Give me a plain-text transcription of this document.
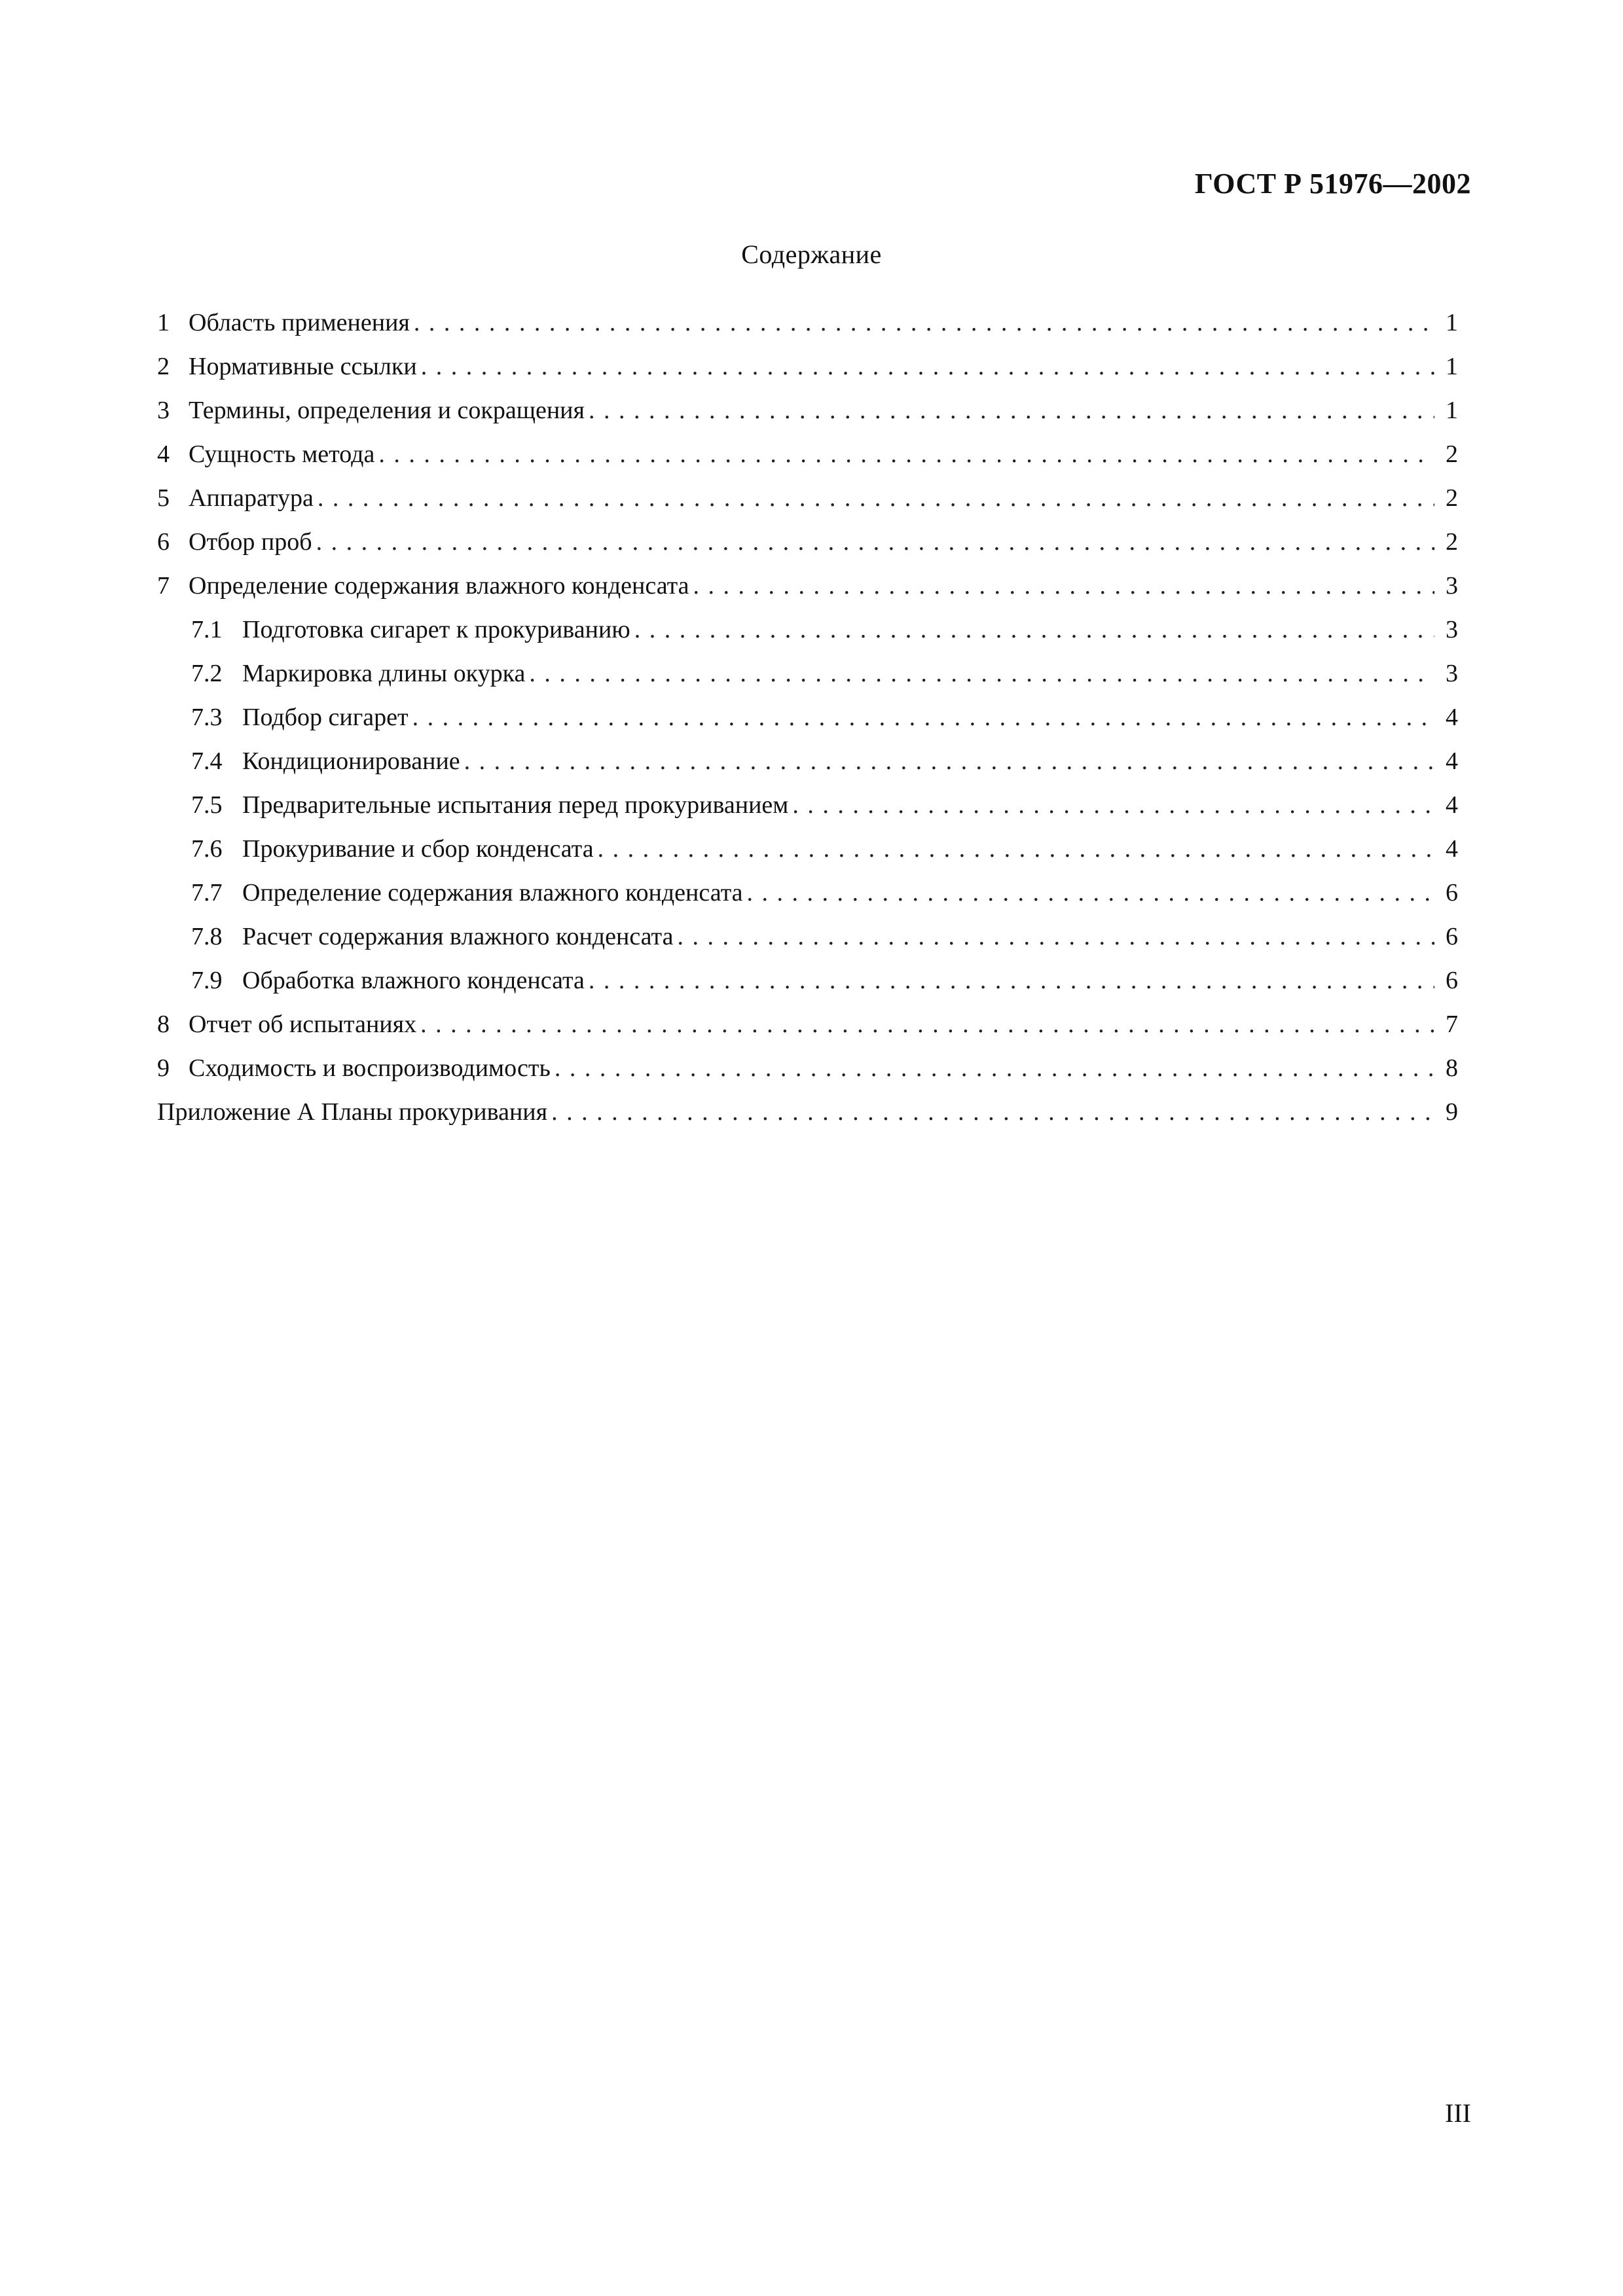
ГОСТ Р 51976—2002
Содержание
1 Область применения . . .	1
2 Нормативные ссылки . . .	1
3 Термины, определения и сокращения . . .	1
4 Сущность метода . . .	2
5 Аппаратура . . .	2
6 Отбор проб . . .	2
7 Определение содержания влажного конденсата . . .	3
7.1 Подготовка сигарет к прокуриванию . . .	3
7.2 Маркировка длины окурка . . .	3
7.3 Подбор сигарет . . .	4
7.4 Кондиционирование . . .	4
7.5 Предварительные испытания перед прокуриванием . . .	4
7.6 Прокуривание и сбор конденсата . . .	4
7.7 Определение содержания влажного конденсата . . .	6
7.8 Расчет содержания влажного конденсата . . .	6
7.9 Обработка влажного конденсата . . .	6
8 Отчет об испытаниях . . .	7
9 Сходимость и воспроизводимость . . .	8
Приложение А Планы прокуривания . . .	9
III
